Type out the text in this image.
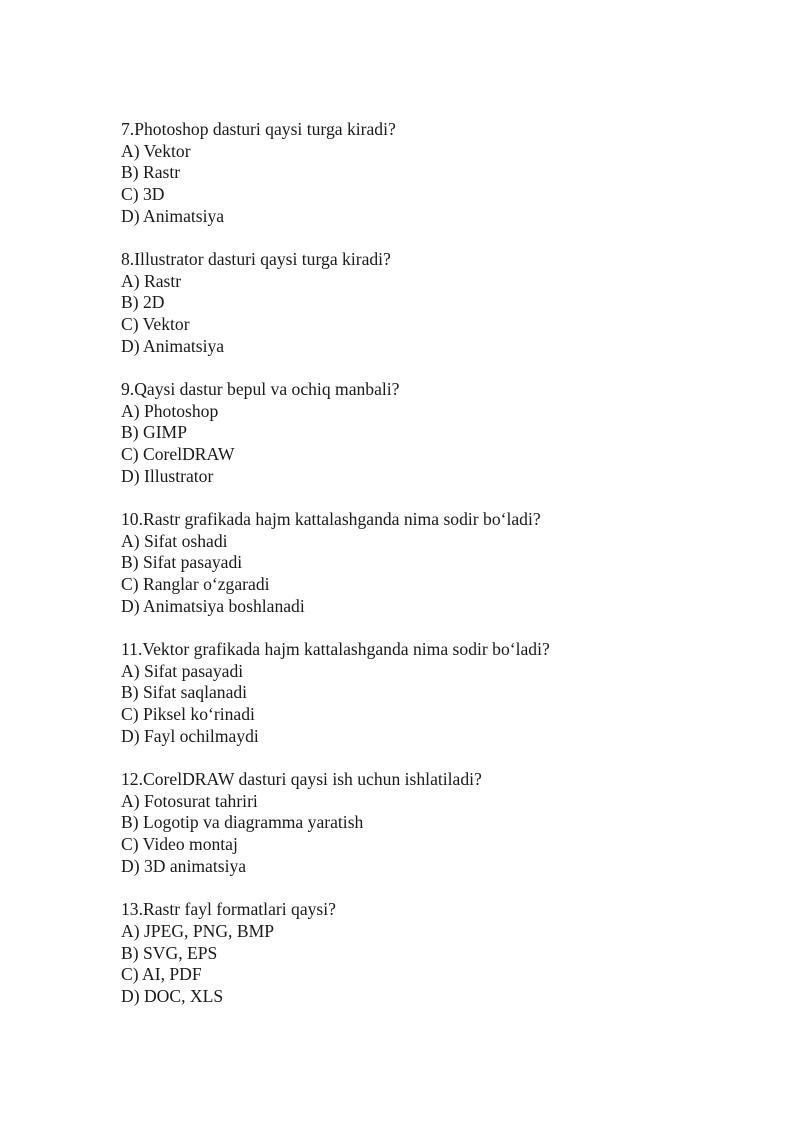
7.Photoshop dasturi qaysi turga kiradi?

A) Vektor

B) Rastr

C) 3D

D) Animatsiya

8.Illustrator dasturi qaysi turga kiradi?

A) Rastr

B) 2D

C) Vektor

D) Animatsiya

9.Qaysi dastur bepul va ochiq manbali?

A) Photoshop

B) GIMP

C) CorelDRAW

D) Illustrator

10.Rastr grafikada hajm kattalashganda nima sodir bo‘ladi?

A) Sifat oshadi

B) Sifat pasayadi

C) Ranglar o‘zgaradi

D) Animatsiya boshlanadi

11.Vektor grafikada hajm kattalashganda nima sodir bo‘ladi?

A) Sifat pasayadi

B) Sifat saqlanadi

C) Piksel ko‘rinadi

D) Fayl ochilmaydi

12.CorelDRAW dasturi qaysi ish uchun ishlatiladi?

A) Fotosurat tahriri

B) Logotip va diagramma yaratish

C) Video montaj

D) 3D animatsiya

13.Rastr fayl formatlari qaysi?

A) JPEG, PNG, BMP

B) SVG, EPS

C) AI, PDF

D) DOC, XLS
